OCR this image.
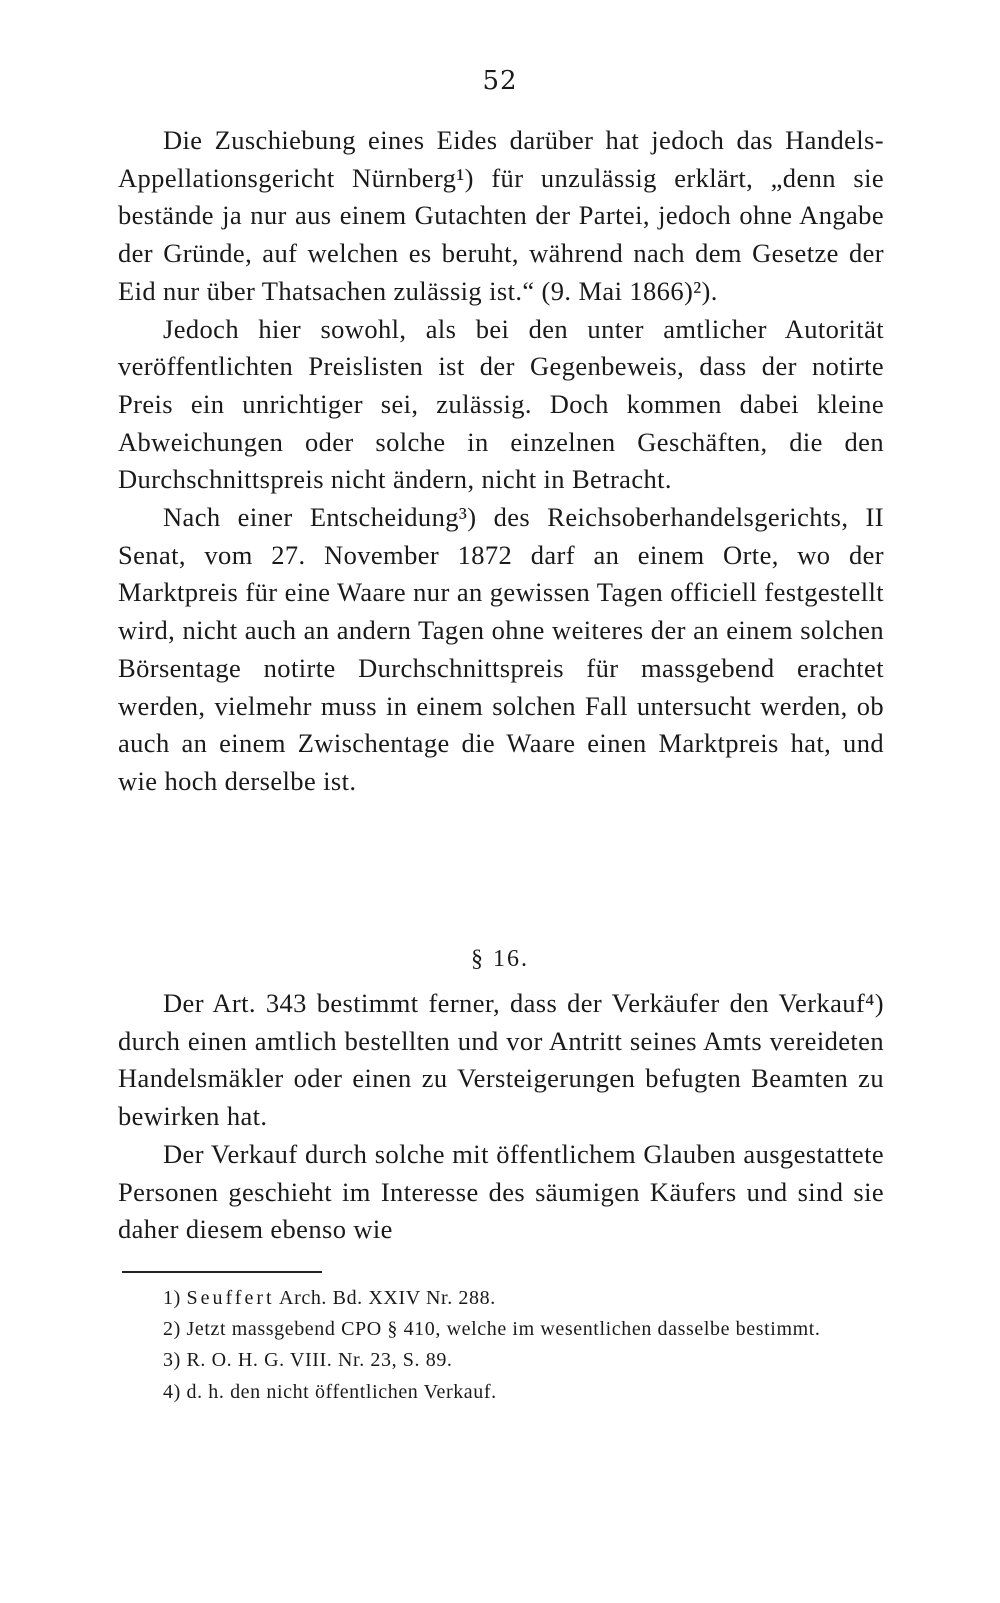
52

Die Zuschiebung eines Eides darüber hat jedoch das Handels-Appellationsgericht Nürnberg¹) für unzulässig erklärt, „denn sie bestände ja nur aus einem Gutachten der Partei, jedoch ohne Angabe der Gründe, auf welchen es beruht, während nach dem Gesetze der Eid nur über Thatsachen zulässig ist.“ (9. Mai 1866)²).

Jedoch hier sowohl, als bei den unter amtlicher Autorität veröffentlichten Preislisten ist der Gegenbeweis, dass der notirte Preis ein unrichtiger sei, zulässig. Doch kommen dabei kleine Abweichungen oder solche in einzelnen Geschäften, die den Durchschnittspreis nicht ändern, nicht in Betracht.

Nach einer Entscheidung³) des Reichsoberhandelsgerichts, II Senat, vom 27. November 1872 darf an einem Orte, wo der Marktpreis für eine Waare nur an gewissen Tagen officiell festgestellt wird, nicht auch an andern Tagen ohne weiteres der an einem solchen Börsentage notirte Durchschnittspreis für massgebend erachtet werden, vielmehr muss in einem solchen Fall untersucht werden, ob auch an einem Zwischentage die Waare einen Marktpreis hat, und wie hoch derselbe ist.

§ 16.

Der Art. 343 bestimmt ferner, dass der Verkäufer den Verkauf⁴) durch einen amtlich bestellten und vor Antritt seines Amts vereideten Handelsmäkler oder einen zu Versteigerungen befugten Beamten zu bewirken hat.

Der Verkauf durch solche mit öffentlichem Glauben ausgestattete Personen geschieht im Interesse des säumigen Käufers und sind sie daher diesem ebenso wie

1) Seuffert Arch. Bd. XXIV Nr. 288.

2) Jetzt massgebend CPO § 410, welche im wesentlichen dasselbe bestimmt.

3) R. O. H. G. VIII. Nr. 23, S. 89.

4) d. h. den nicht öffentlichen Verkauf.
